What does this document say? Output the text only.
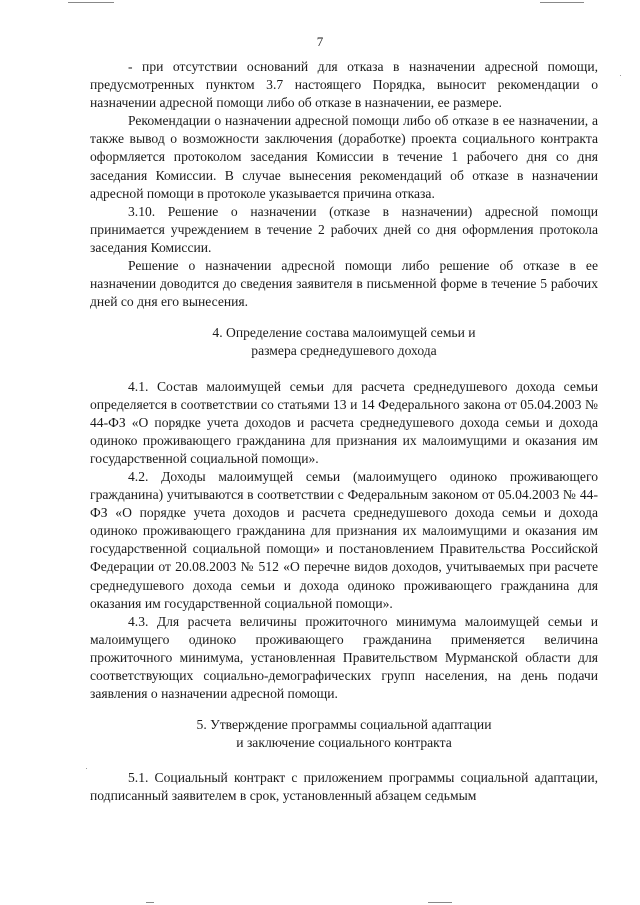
7

- при отсутствии оснований для отказа в назначении адресной помощи, предусмотренных пунктом 3.7 настоящего Порядка, выносит рекомендации о назначении адресной помощи либо об отказе в назначении, ее размере.

Рекомендации о назначении адресной помощи либо об отказе в ее назначении, а также вывод о возможности заключения (доработке) проекта социального контракта оформляется протоколом заседания Комиссии в течение 1 рабочего дня со дня заседания Комиссии. В случае вынесения рекомендаций об отказе в назначении адресной помощи в протоколе указывается причина отказа.

3.10. Решение о назначении (отказе в назначении) адресной помощи принимается учреждением в течение 2 рабочих дней со дня оформления протокола заседания Комиссии.

Решение о назначении адресной помощи либо решение об отказе в ее назначении доводится до сведения заявителя в письменной форме в течение 5 рабочих дней со дня его вынесения.

4. Определение состава малоимущей семьи и
размера среднедушевого дохода

4.1. Состав малоимущей семьи для расчета среднедушевого дохода семьи определяется в соответствии со статьями 13 и 14 Федерального закона от 05.04.2003 № 44-ФЗ «О порядке учета доходов и расчета среднедушевого дохода семьи и дохода одиноко проживающего гражданина для признания их малоимущими и оказания им государственной социальной помощи».

4.2. Доходы малоимущей семьи (малоимущего одиноко проживающего гражданина) учитываются в соответствии с Федеральным законом от 05.04.2003 № 44-ФЗ «О порядке учета доходов и расчета среднедушевого дохода семьи и дохода одиноко проживающего гражданина для признания их малоимущими и оказания им государственной социальной помощи» и постановлением Правительства Российской Федерации от 20.08.2003 № 512 «О перечне видов доходов, учитываемых при расчете среднедушевого дохода семьи и дохода одиноко проживающего гражданина для оказания им государственной социальной помощи».

4.3. Для расчета величины прожиточного минимума малоимущей семьи и малоимущего одиноко проживающего гражданина применяется величина прожиточного минимума, установленная Правительством Мурманской области для соответствующих социально-демографических групп населения, на день подачи заявления о назначении адресной помощи.

5. Утверждение программы социальной адаптации
и заключение социального контракта

5.1. Социальный контракт с приложением программы социальной адаптации, подписанный заявителем в срок, установленный абзацем седьмым
